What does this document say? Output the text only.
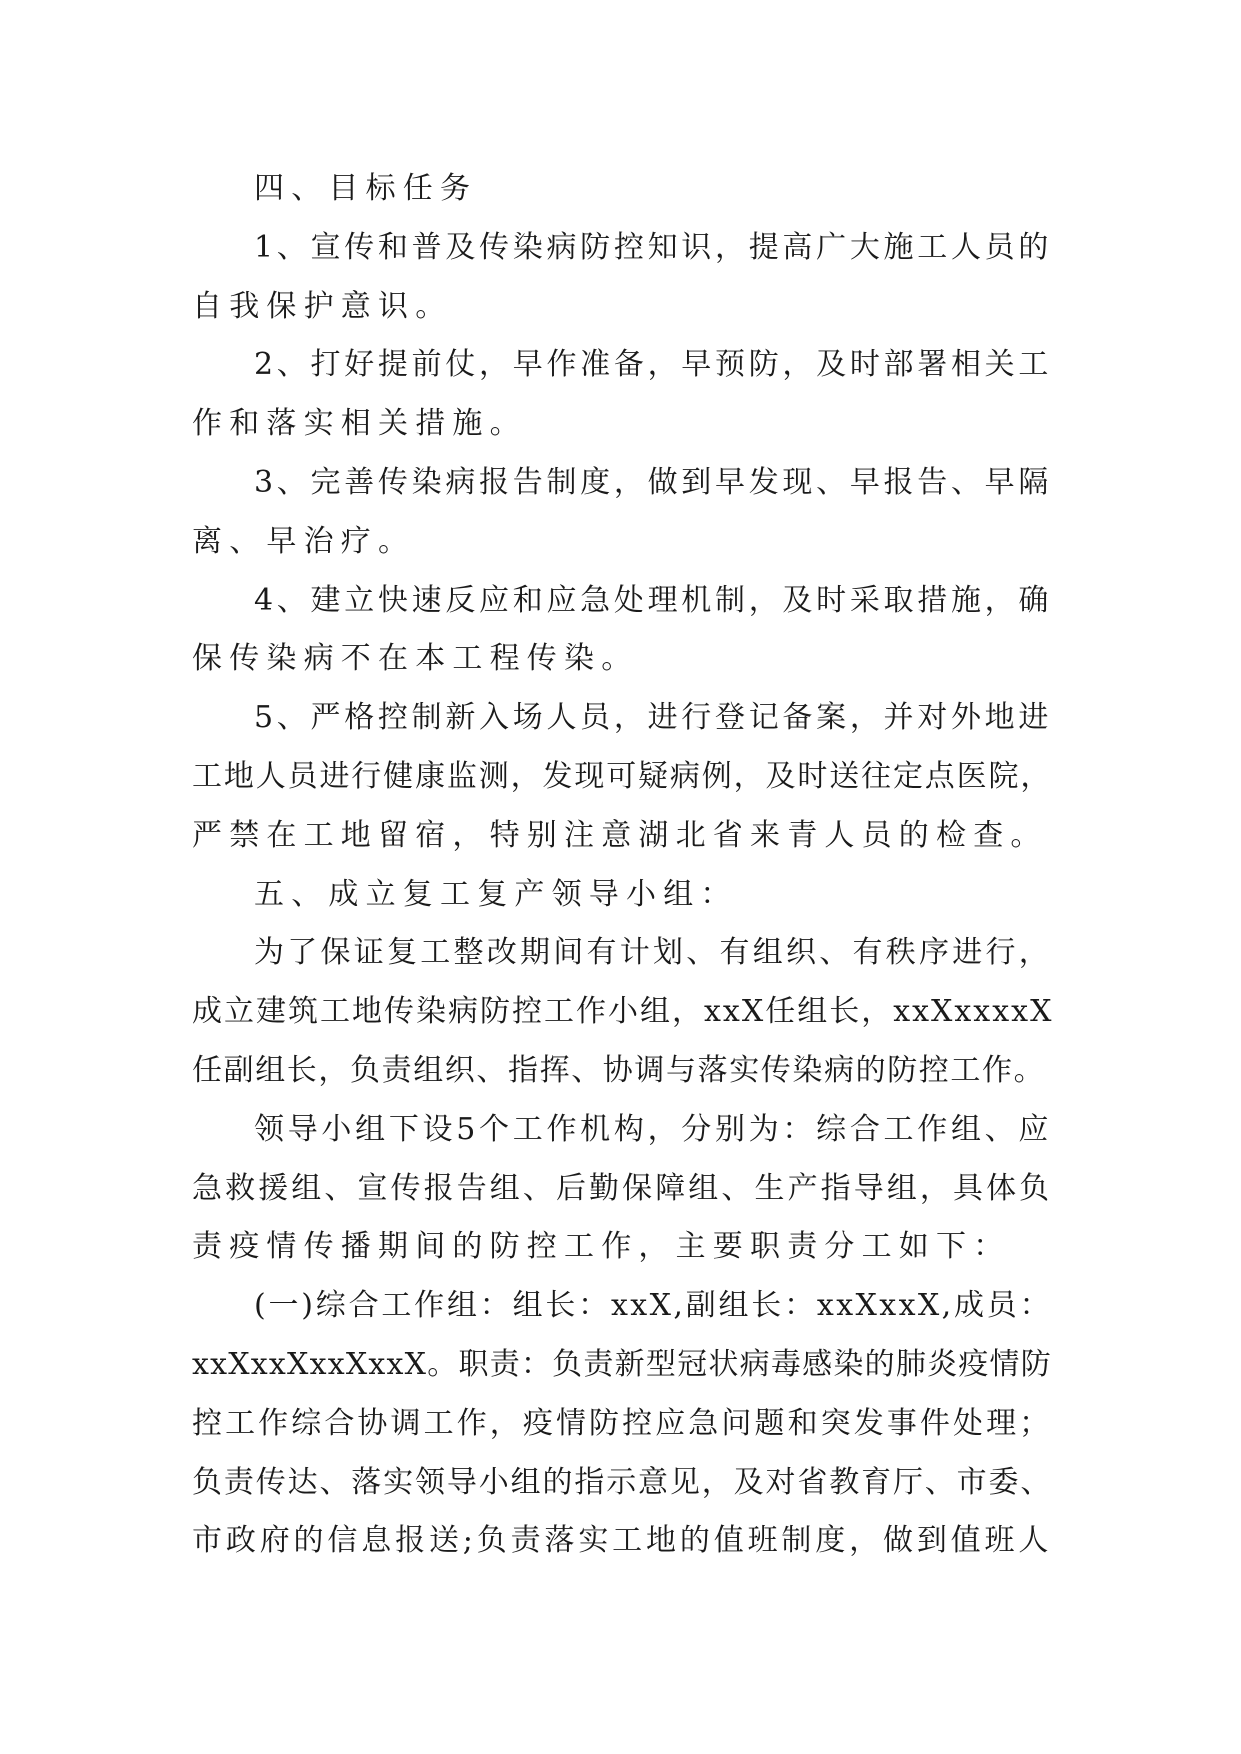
四、目标任务
1、宣传和普及传染病防控知识，提高广大施工人员的
自我保护意识。
2、打好提前仗，早作准备，早预防，及时部署相关工
作和落实相关措施。
3、完善传染病报告制度，做到早发现、早报告、早隔
离、早治疗。
4、建立快速反应和应急处理机制，及时采取措施，确
保传染病不在本工程传染。
5、严格控制新入场人员，进行登记备案，并对外地进
工地人员进行健康监测，发现可疑病例，及时送往定点医院，
严禁在工地留宿，特别注意湖北省来青人员的检查。
五、成立复工复产领导小组：
为了保证复工整改期间有计划、有组织、有秩序进行，
成立建筑工地传染病防控工作小组，xxX任组长，xxXxxxxX
任副组长，负责组织、指挥、协调与落实传染病的防控工作。
领导小组下设5个工作机构，分别为：综合工作组、应
急救援组、宣传报告组、后勤保障组、生产指导组，具体负
责疫情传播期间的防控工作，主要职责分工如下：
(一)综合工作组：组长：xxX,副组长：xxXxxX,成员：
xxXxxXxxXxxX。职责：负责新型冠状病毒感染的肺炎疫情防
控工作综合协调工作，疫情防控应急问题和突发事件处理；
负责传达、落实领导小组的指示意见，及对省教育厅、市委、
市政府的信息报送;负责落实工地的值班制度，做到值班人
